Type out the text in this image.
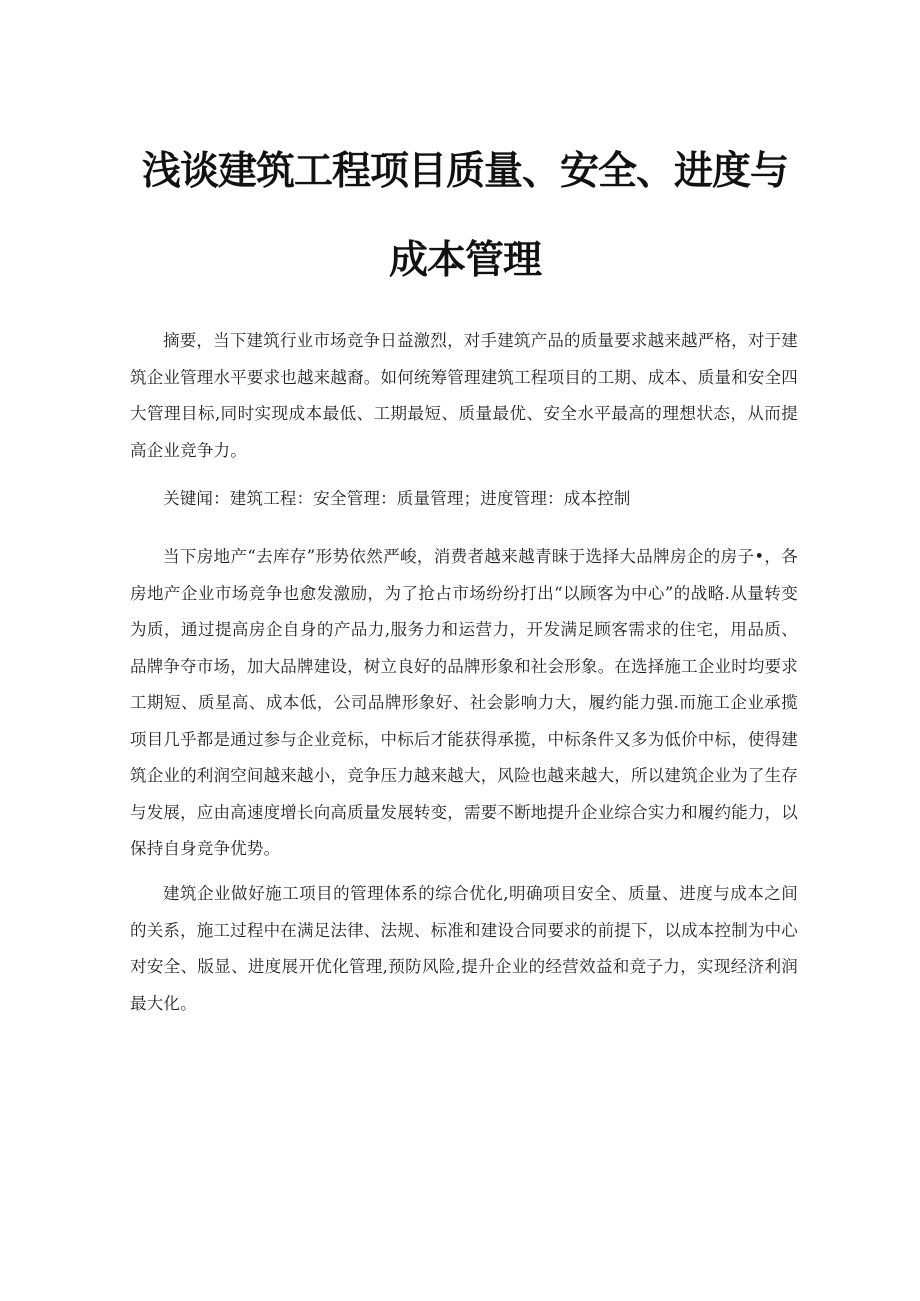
浅谈建筑工程项目质量、安全、进度与
成本管理

摘要，当下建筑行业市场竞争日益激烈，对手建筑产品的质量要求越来越严格，对于建筑企业管理水平要求也越来越裔。如何统筹管理建筑工程项目的工期、成本、质量和安全四大管理目标,同时实现成本最低、工期最短、质量最优、安全水平最高的理想状态，从而提高企业竞争力。

关键闻：建筑工程：安全管理：质量管理；进度管理：成本控制

当下房地产“去库存”形势依然严峻，消费者越来越青睐于选择大品牌房企的房子•，各房地产企业市场竞争也愈发激励，为了抢占市场纷纷打出“以顾客为中心”的战略.从量转变为质，通过提高房企自身的产品力,服务力和运营力，开发满足顾客需求的住宅，用品质、品牌争夺市场，加大品牌建设，树立良好的品牌形象和社会形象。在选择施工企业时均要求工期短、质星高、成本低，公司品牌形象好、社会影响力大，履约能力强.而施工企业承揽项目几乎都是通过参与企业竞标，中标后才能获得承揽，中标条件又多为低价中标，使得建筑企业的利润空间越来越小，竞争压力越来越大，风险也越来越大，所以建筑企业为了生存与发展，应由高速度增长向高质量发展转变，需要不断地提升企业综合实力和履约能力，以保持自身竞争优势。

建筑企业做好施工项目的管理体系的综合优化,明确项目安全、质量、进度与成本之间的关系，施工过程中在满足法律、法规、标准和建设合同要求的前提下，以成本控制为中心对安全、版显、进度展开优化管理,预防风险,提升企业的经营效益和竞子力，实现经济利润最大化。
